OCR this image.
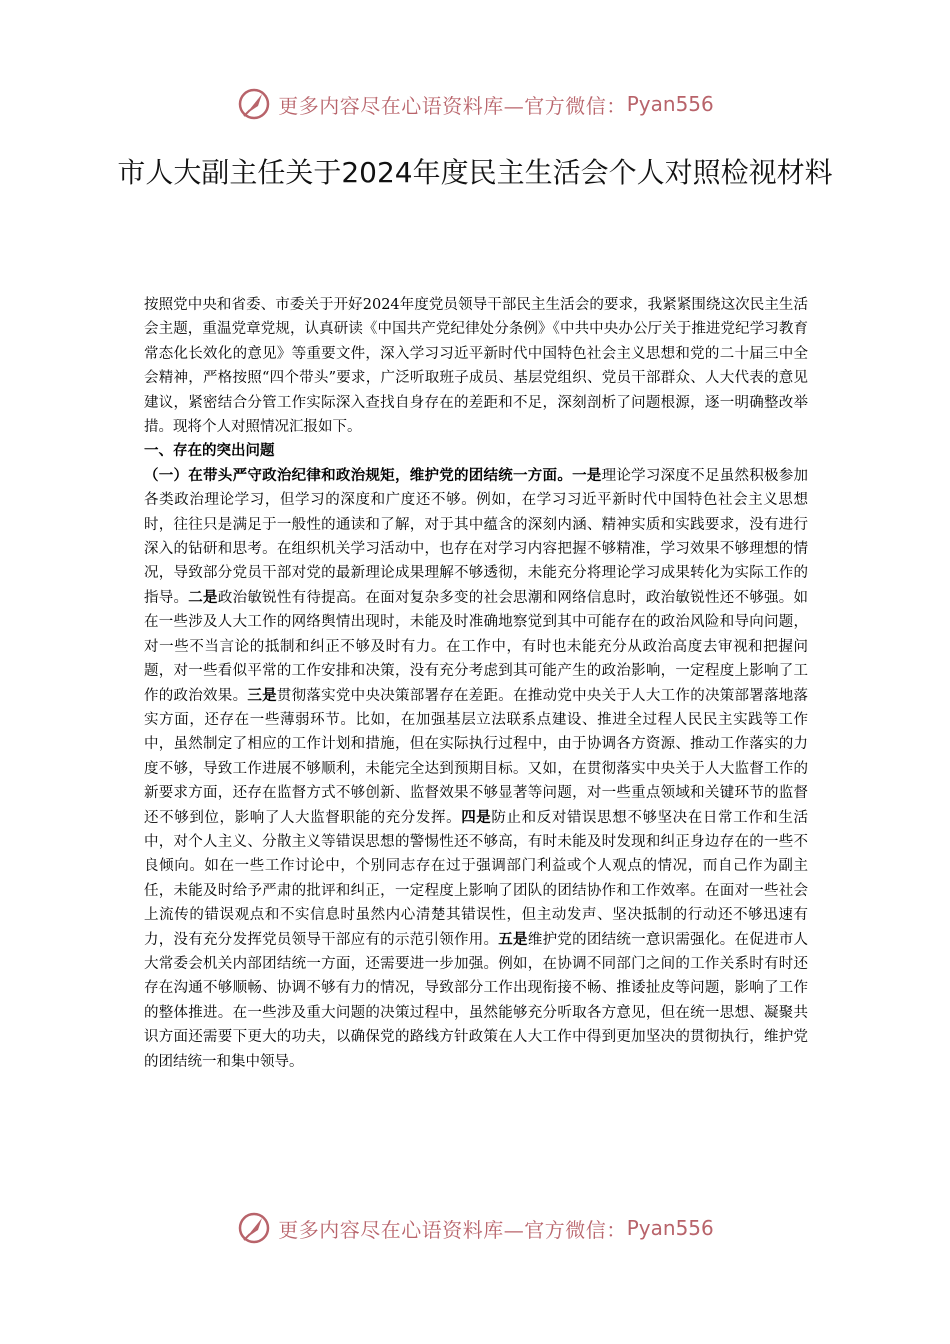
更多内容尽在心语资料库—官方微信： Pyan556
市人大副主任关于2024年度民主生活会个人对照检视材料

按照党中央和省委、市委关于开好2024年度党员领导干部民主生活会的要求，我紧紧围绕这次民主生活会主题，重温党章党规，认真研读《中国共产党纪律处分条例》《中共中央办公厅关于推进党纪学习教育常态化长效化的意见》等重要文件，深入学习习近平新时代中国特色社会主义思想和党的二十届三中全会精神，严格按照“四个带头”要求，广泛听取班子成员、基层党组织、党员干部群众、人大代表的意见建议，紧密结合分管工作实际深入查找自身存在的差距和不足，深刻剖析了问题根源，逐一明确整改举措。现将个人对照情况汇报如下。

一、存在的突出问题

（一）在带头严守政治纪律和政治规矩，维护党的团结统一方面。一是理论学习深度不足虽然积极参加各类政治理论学习，但学习的深度和广度还不够。例如，在学习习近平新时代中国特色社会主义思想时，往往只是满足于一般性的通读和了解，对于其中蕴含的深刻内涵、精神实质和实践要求，没有进行深入的钻研和思考。在组织机关学习活动中，也存在对学习内容把握不够精准，学习效果不够理想的情况，导致部分党员干部对党的最新理论成果理解不够透彻，未能充分将理论学习成果转化为实际工作的指导。二是政治敏锐性有待提高。在面对复杂多变的社会思潮和网络信息时，政治敏锐性还不够强。如在一些涉及人大工作的网络舆情出现时，未能及时准确地察觉到其中可能存在的政治风险和导向问题，对一些不当言论的抵制和纠正不够及时有力。在工作中，有时也未能充分从政治高度去审视和把握问题，对一些看似平常的工作安排和决策，没有充分考虑到其可能产生的政治影响，一定程度上影响了工作的政治效果。三是贯彻落实党中央决策部署存在差距。在推动党中央关于人大工作的决策部署落地落实方面，还存在一些薄弱环节。比如，在加强基层立法联系点建设、推进全过程人民民主实践等工作中，虽然制定了相应的工作计划和措施，但在实际执行过程中，由于协调各方资源、推动工作落实的力度不够，导致工作进展不够顺利，未能完全达到预期目标。又如，在贯彻落实中央关于人大监督工作的新要求方面，还存在监督方式不够创新、监督效果不够显著等问题，对一些重点领域和关键环节的监督还不够到位，影响了人大监督职能的充分发挥。四是防止和反对错误思想不够坚决在日常工作和生活中，对个人主义、分散主义等错误思想的警惕性还不够高，有时未能及时发现和纠正身边存在的一些不良倾向。如在一些工作讨论中，个别同志存在过于强调部门利益或个人观点的情况，而自己作为副主任，未能及时给予严肃的批评和纠正，一定程度上影响了团队的团结协作和工作效率。在面对一些社会上流传的错误观点和不实信息时虽然内心清楚其错误性，但主动发声、坚决抵制的行动还不够迅速有力，没有充分发挥党员领导干部应有的示范引领作用。五是维护党的团结统一意识需强化。在促进市人大常委会机关内部团结统一方面，还需要进一步加强。例如，在协调不同部门之间的工作关系时有时还存在沟通不够顺畅、协调不够有力的情况，导致部分工作出现衔接不畅、推诿扯皮等问题，影响了工作的整体推进。在一些涉及重大问题的决策过程中，虽然能够充分听取各方意见，但在统一思想、凝聚共识方面还需要下更大的功夫，以确保党的路线方针政策在人大工作中得到更加坚决的贯彻执行，维护党的团结统一和集中领导。

更多内容尽在心语资料库—官方微信： Pyan556
